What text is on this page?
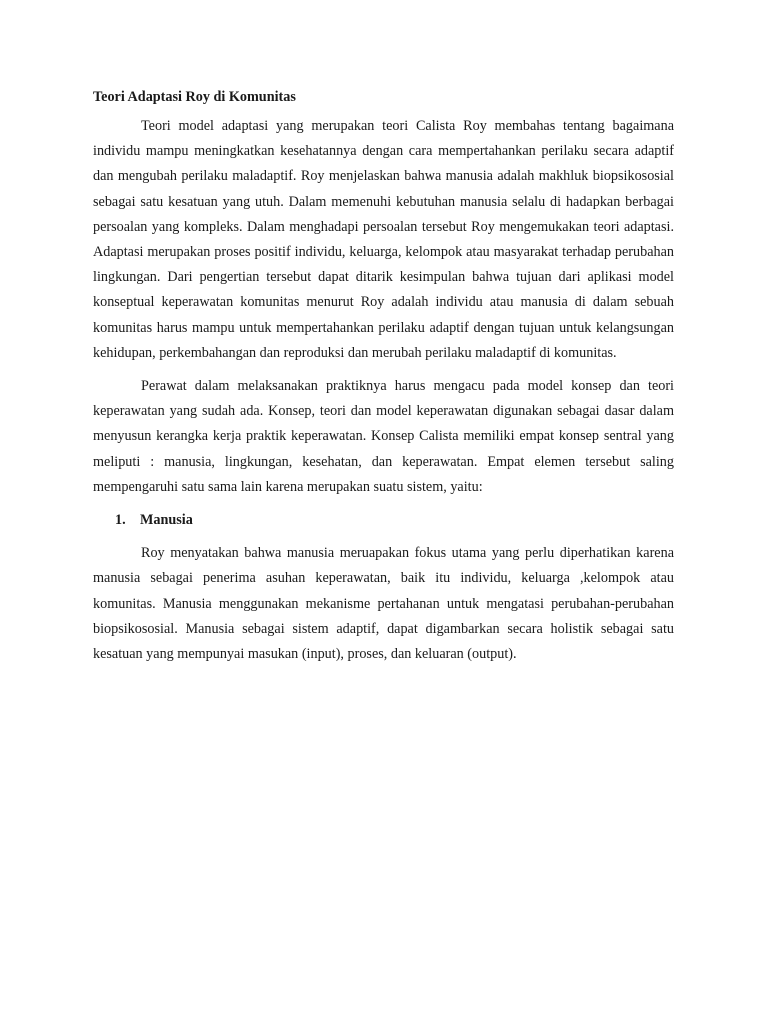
Teori Adaptasi Roy di Komunitas

Teori model adaptasi yang merupakan teori Calista Roy membahas tentang bagaimana individu mampu meningkatkan kesehatannya dengan cara mempertahankan perilaku secara adaptif dan mengubah perilaku maladaptif. Roy menjelaskan bahwa manusia adalah makhluk biopsikososial sebagai satu kesatuan yang utuh. Dalam memenuhi kebutuhan manusia selalu di hadapkan berbagai persoalan yang kompleks. Dalam menghadapi persoalan tersebut Roy mengemukakan teori adaptasi. Adaptasi merupakan proses positif individu, keluarga, kelompok atau masyarakat terhadap perubahan lingkungan. Dari pengertian tersebut dapat ditarik kesimpulan bahwa tujuan dari aplikasi model konseptual keperawatan komunitas menurut Roy adalah individu atau manusia di dalam sebuah komunitas harus mampu untuk mempertahankan perilaku adaptif dengan tujuan untuk kelangsungan kehidupan, perkembahangan dan reproduksi dan merubah perilaku maladaptif di komunitas.

Perawat dalam melaksanakan praktiknya harus mengacu pada model konsep dan teori keperawatan yang sudah ada. Konsep, teori dan model keperawatan digunakan sebagai dasar dalam menyusun kerangka kerja praktik keperawatan. Konsep Calista memiliki empat konsep sentral yang meliputi : manusia, lingkungan, kesehatan, dan keperawatan. Empat elemen tersebut saling mempengaruhi satu sama lain karena merupakan suatu sistem, yaitu:

1. Manusia

Roy menyatakan bahwa manusia meruapakan fokus utama yang perlu diperhatikan karena manusia sebagai penerima asuhan keperawatan, baik itu individu, keluarga ,kelompok atau komunitas. Manusia menggunakan mekanisme pertahanan untuk mengatasi perubahan-perubahan biopsikososial. Manusia sebagai sistem adaptif, dapat digambarkan secara holistik sebagai satu kesatuan yang mempunyai masukan (input), proses, dan keluaran (output).
